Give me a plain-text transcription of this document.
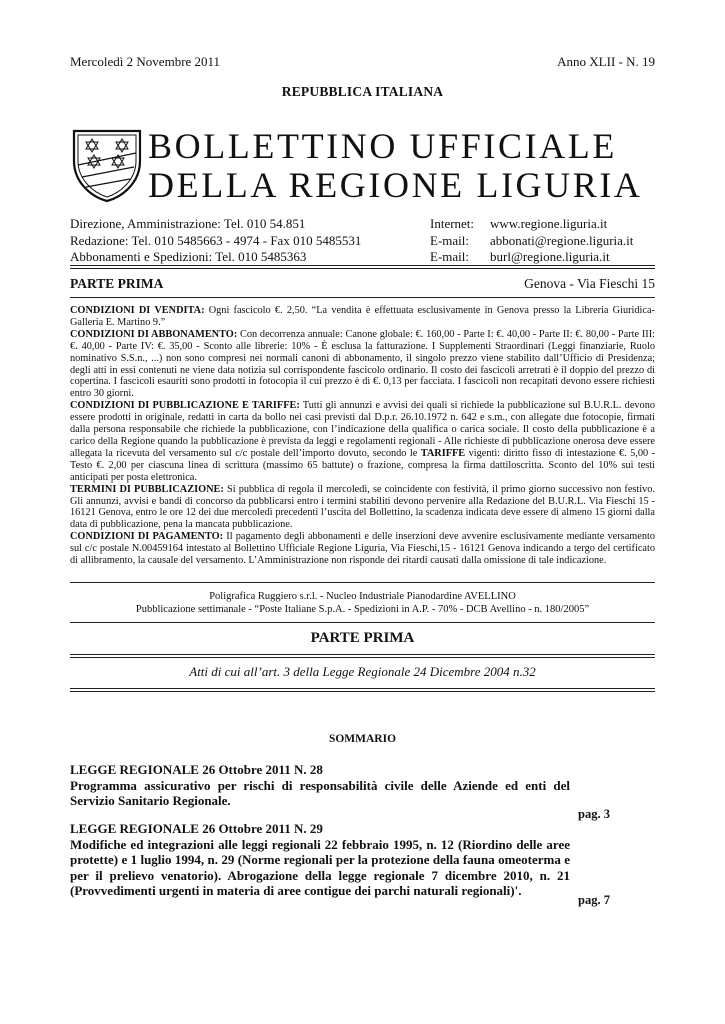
Mercoledì 2 Novembre 2011	Anno XLII - N. 19
REPUBBLICA ITALIANA
BOLLETTINO UFFICIALE
DELLA REGIONE LIGURIA
Direzione, Amministrazione: Tel. 010 54.851
Redazione: Tel. 010 5485663 - 4974 - Fax 010 5485531
Abbonamenti e Spedizioni: Tel. 010 5485363
Internet:
E-mail:
E-mail:
www.regione.liguria.it
abbonati@regione.liguria.it
burl@regione.liguria.it
PARTE PRIMA	Genova - Via Fieschi 15

CONDIZIONI DI VENDITA: Ogni fascicolo €. 2,50. “La vendita è effettuata esclusivamente in Genova presso la Libreria Giuridica-Galleria E. Martino 9.”

CONDIZIONI DI ABBONAMENTO: Con decorrenza annuale: Canone globale: €. 160,00 - Parte I: €. 40,00 - Parte II: €. 80,00 - Parte III: €. 40,00 - Parte IV: €. 35,00 - Sconto alle librerie: 10% - È esclusa la fatturazione. I Supplementi Straordinari (Leggi finanziarie, Ruolo nominativo S.S.n., ...) non sono compresi nei normali canoni di abbonamento, il singolo prezzo viene stabilito dall’Ufficio di Presidenza; degli atti in essi contenuti ne viene data notizia sul corrispondente fascicolo ordinario. Il costo dei fascicoli arretrati è il doppio del prezzo di copertina. I fascicoli esauriti sono prodotti in fotocopia il cui prezzo è di €. 0,13 per facciata. I fascicoli non recapitati devono essere richiesti entro 30 giorni.

CONDIZIONI DI PUBBLICAZIONE E TARIFFE: Tutti gli annunzi e avvisi dei quali si richiede la pubblicazione sul B.U.R.L. devono essere prodotti in originale, redatti in carta da bollo nei casi previsti dal D.p.r. 26.10.1972 n. 642 e s.m., con allegate due fotocopie, firmati dalla persona responsabile che richiede la pubblicazione, con l’indicazione della qualifica o carica sociale. Il costo della pubblicazione è a carico della Regione quando la pubblicazione è prevista da leggi e regolamenti regionali - Alle richieste di pubblicazione onerosa deve essere allegata la ricevuta del versamento sul c/c postale dell’importo dovuto, secondo le TARIFFE vigenti: diritto fisso di intestazione €. 5,00 - Testo €. 2,00 per ciascuna linea di scrittura (massimo 65 battute) o frazione, compresa la firma dattiloscritta. Sconto del 10% sui testi anticipati per posta elettronica.

TERMINI DI PUBBLICAZIONE: Si pubblica di regola il mercoledì, se coincidente con festività, il primo giorno successivo non festivo. Gli annunzi, avvisi e bandi di concorso da pubblicarsi entro i termini stabiliti devono pervenire alla Redazione del B.U.R.L. Via Fieschi 15 - 16121 Genova, entro le ore 12 dei due mercoledì precedenti l’uscita del Bollettino, la scadenza indicata deve essere di almeno 15 giorni dalla data di pubblicazione, pena la mancata pubblicazione.

CONDIZIONI DI PAGAMENTO: Il pagamento degli abbonamenti e delle inserzioni deve avvenire esclusivamente mediante versamento sul c/c postale N.00459164 intestato al Bollettino Ufficiale Regione Liguria, Via Fieschi,15 - 16121 Genova indicando a tergo del certificato di allibramento, la causale del versamento. L’Amministrazione non risponde dei ritardi causati dalla omissione di tale indicazione.

Poligrafica Ruggiero s.r.l. - Nucleo Industriale Pianodardine AVELLINO
Pubblicazione settimanale - “Poste Italiane S.p.A. - Spedizioni in A.P. - 70% - DCB Avellino - n. 180/2005”
PARTE PRIMA
Atti di cui all’art. 3 della Legge Regionale 24 Dicembre 2004 n.32
SOMMARIO
LEGGE REGIONALE 26 Ottobre 2011 N. 28
Programma assicurativo per rischi di responsabilità civile delle Aziende ed enti del Servizio Sanitario Regionale.
pag. 3
LEGGE REGIONALE 26 Ottobre 2011 N. 29
Modifiche ed integrazioni alle leggi regionali 22 febbraio 1995, n. 12 (Riordino delle aree protette) e 1 luglio 1994, n. 29 (Norme regionali per la protezione della fauna omeoterma e per il prelievo venatorio). Abrogazione della legge regionale 7 dicembre 2010, n. 21 (Provvedimenti urgenti in materia di aree contigue dei parchi naturali regionali)'.
pag. 7
